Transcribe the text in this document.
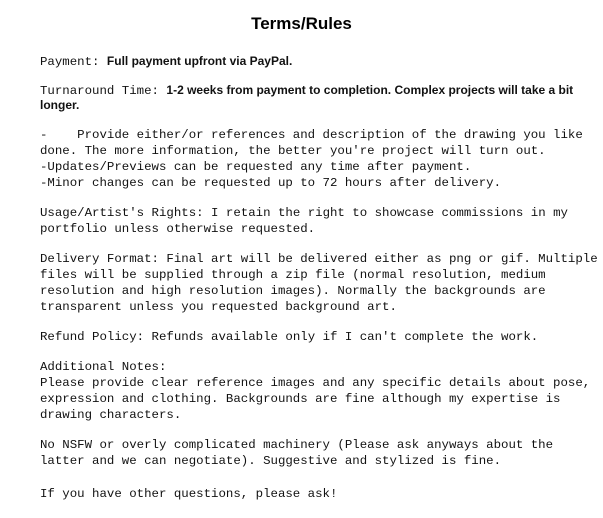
Terms/Rules
Payment: Full payment upfront via PayPal.
Turnaround Time: 1-2 weeks from payment to completion. Complex projects will take a bit
longer.
-    Provide either/or references and description of the drawing you like
done. The more information, the better you're project will turn out.
-Updates/Previews can be requested any time after payment.
-Minor changes can be requested up to 72 hours after delivery.
Usage/Artist's Rights: I retain the right to showcase commissions in my
portfolio unless otherwise requested.
Delivery Format: Final art will be delivered either as png or gif. Multiple
files will be supplied through a zip file (normal resolution, medium
resolution and high resolution images). Normally the backgrounds are
transparent unless you requested background art.
Refund Policy: Refunds available only if I can't complete the work.
Additional Notes:
Please provide clear reference images and any specific details about pose,
expression and clothing. Backgrounds are fine although my expertise is
drawing characters.
No NSFW or overly complicated machinery (Please ask anyways about the
latter and we can negotiate). Suggestive and stylized is fine.
If you have other questions, please ask!
